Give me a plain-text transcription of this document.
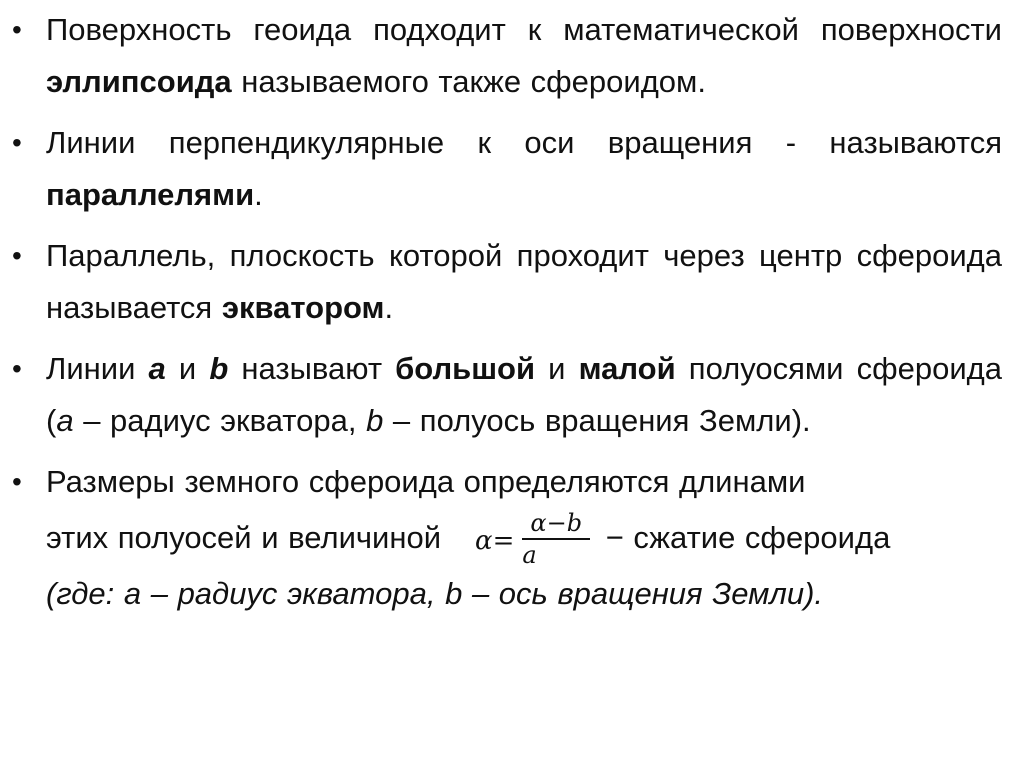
• Поверхность геоида подходит к математической поверхности эллипсоида называемого также сфероидом.
• Линии перпендикулярные к оси вращения - называются параллелями.
• Параллель, плоскость которой проходит через центр сфероида называется экватором.
• Линии а и b называют большой и малой полуосями сфероида (а – радиус экватора, b – полуось вращения Земли).
• Размеры земного сфероида определяются длинами
этих полуосей и величиной $\alpha= \frac{\alpha-b}{a}$ − сжатие сфероида
(где: а – радиус экватора, b – ось вращения Земли).
